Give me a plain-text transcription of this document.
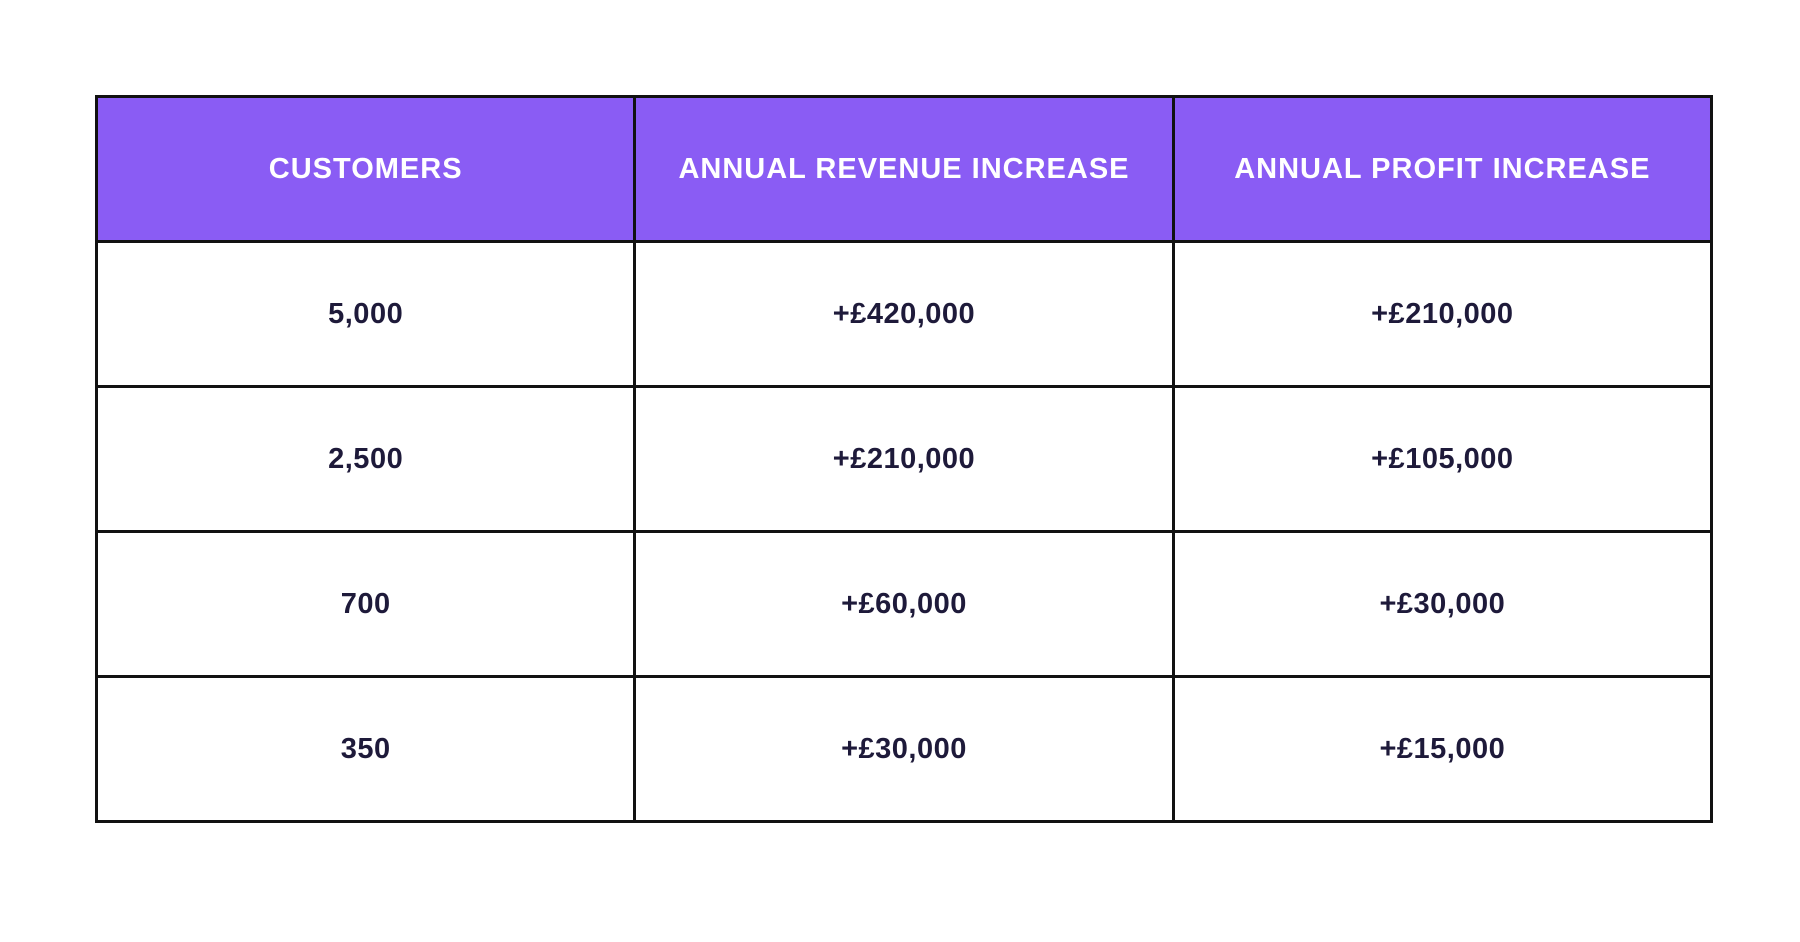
CUSTOMERS	ANNUAL REVENUE INCREASE	ANNUAL PROFIT INCREASE
5,000	+£420,000	+£210,000
2,500	+£210,000	+£105,000
700	+£60,000	+£30,000
350	+£30,000	+£15,000
